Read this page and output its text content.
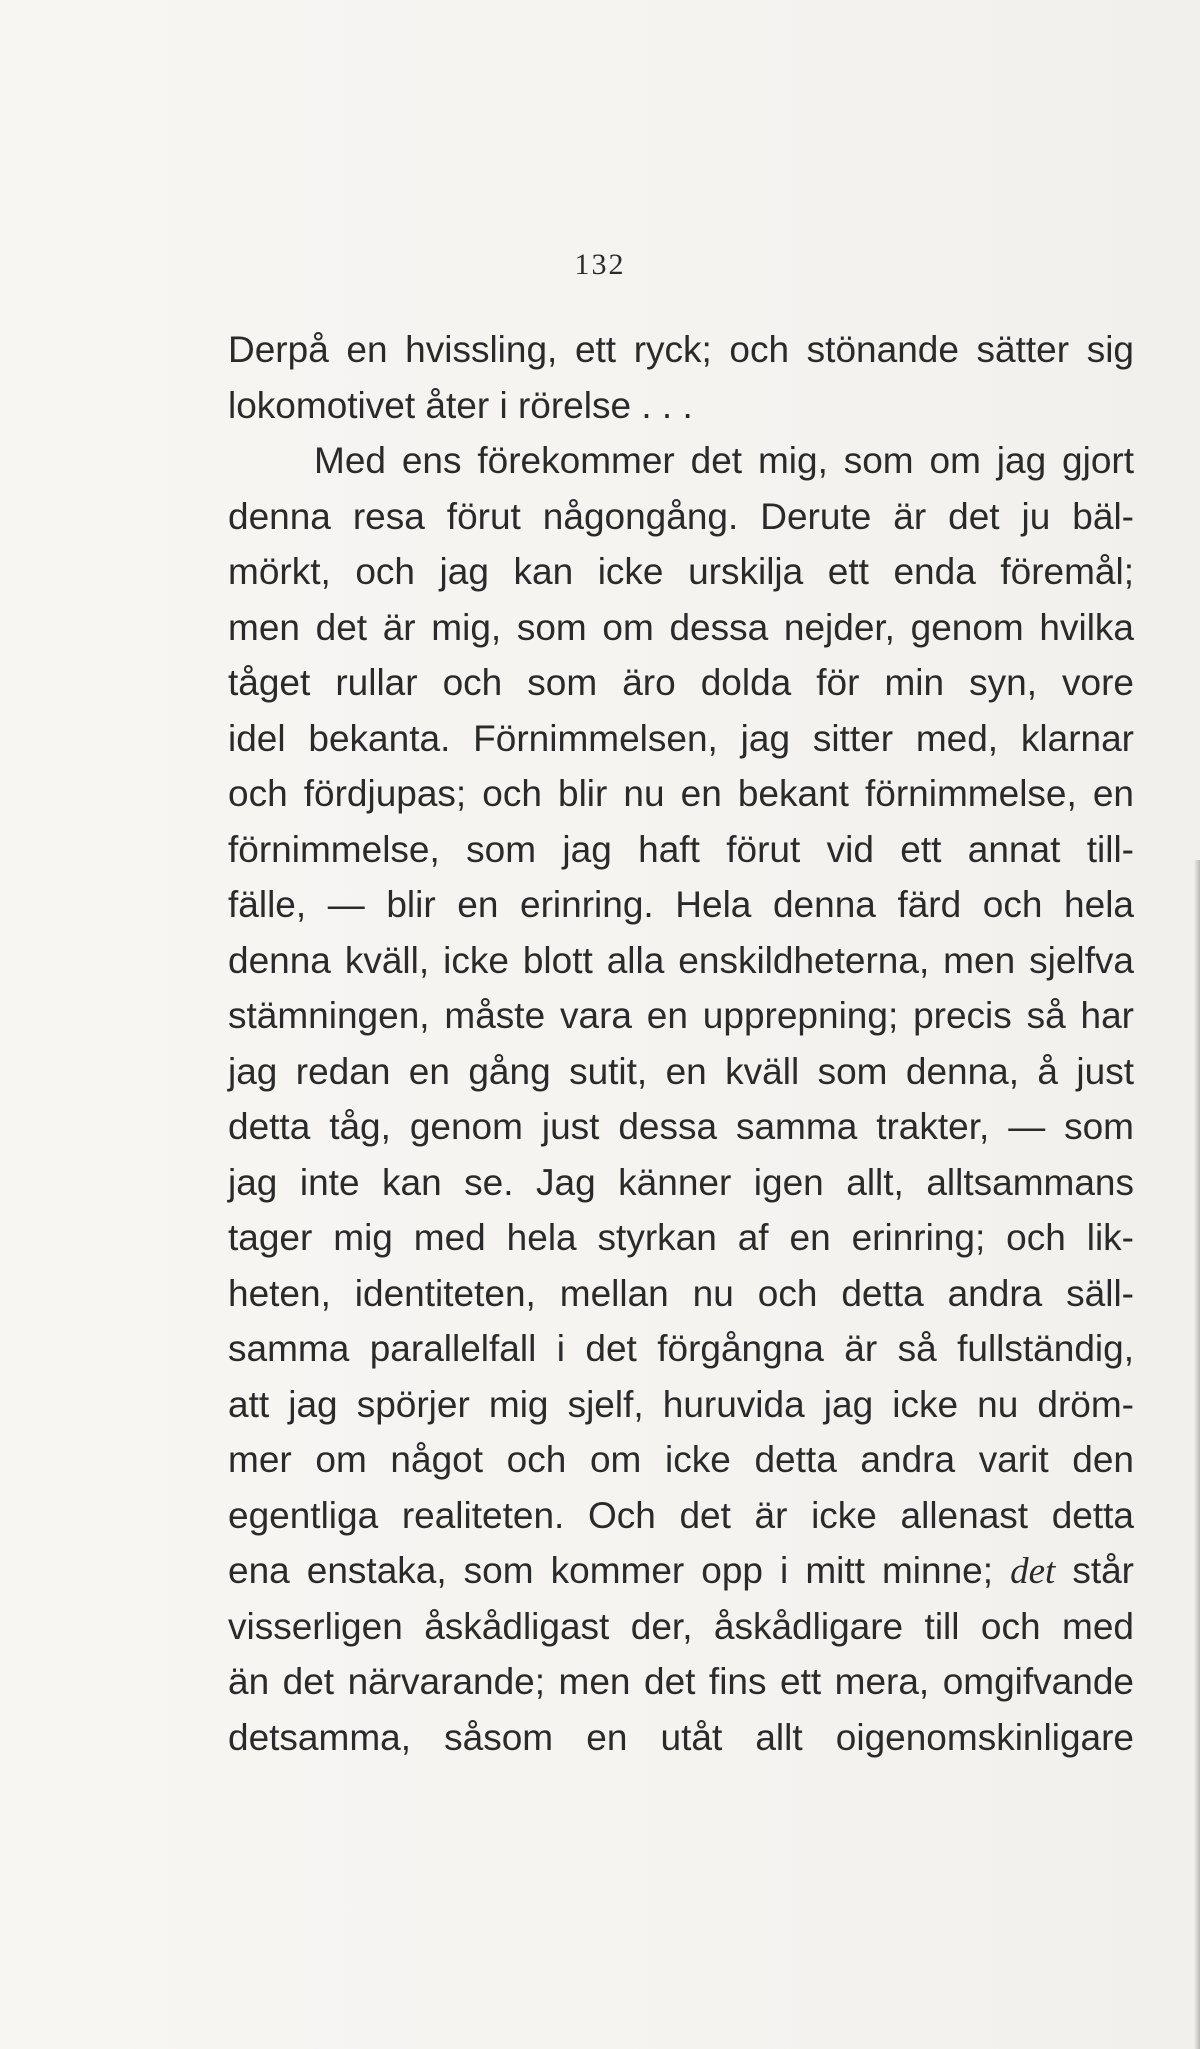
132
Derpå en hvissling, ett ryck; och stönande sätter sig
lokomotivet åter i rörelse . . .
Med ens förekommer det mig, som om jag gjort
denna resa förut någongång. Derute är det ju bäl-
mörkt, och jag kan icke urskilja ett enda föremål;
men det är mig, som om dessa nejder, genom hvilka
tåget rullar och som äro dolda för min syn, vore
idel bekanta. Förnimmelsen, jag sitter med, klarnar
och fördjupas; och blir nu en bekant förnimmelse, en
förnimmelse, som jag haft förut vid ett annat till-
fälle, — blir en erinring. Hela denna färd och hela
denna kväll, icke blott alla enskildheterna, men sjelfva
stämningen, måste vara en upprepning; precis så har
jag redan en gång sutit, en kväll som denna, å just
detta tåg, genom just dessa samma trakter, — som
jag inte kan se. Jag känner igen allt, alltsammans
tager mig med hela styrkan af en erinring; och lik-
heten, identiteten, mellan nu och detta andra säll-
samma parallelfall i det förgångna är så fullständig,
att jag spörjer mig sjelf, huruvida jag icke nu dröm-
mer om något och om icke detta andra varit den
egentliga realiteten. Och det är icke allenast detta
ena enstaka, som kommer opp i mitt minne; det står
visserligen åskådligast der, åskådligare till och med
än det närvarande; men det fins ett mera, omgifvande
detsamma, såsom en utåt allt oigenomskinligare
